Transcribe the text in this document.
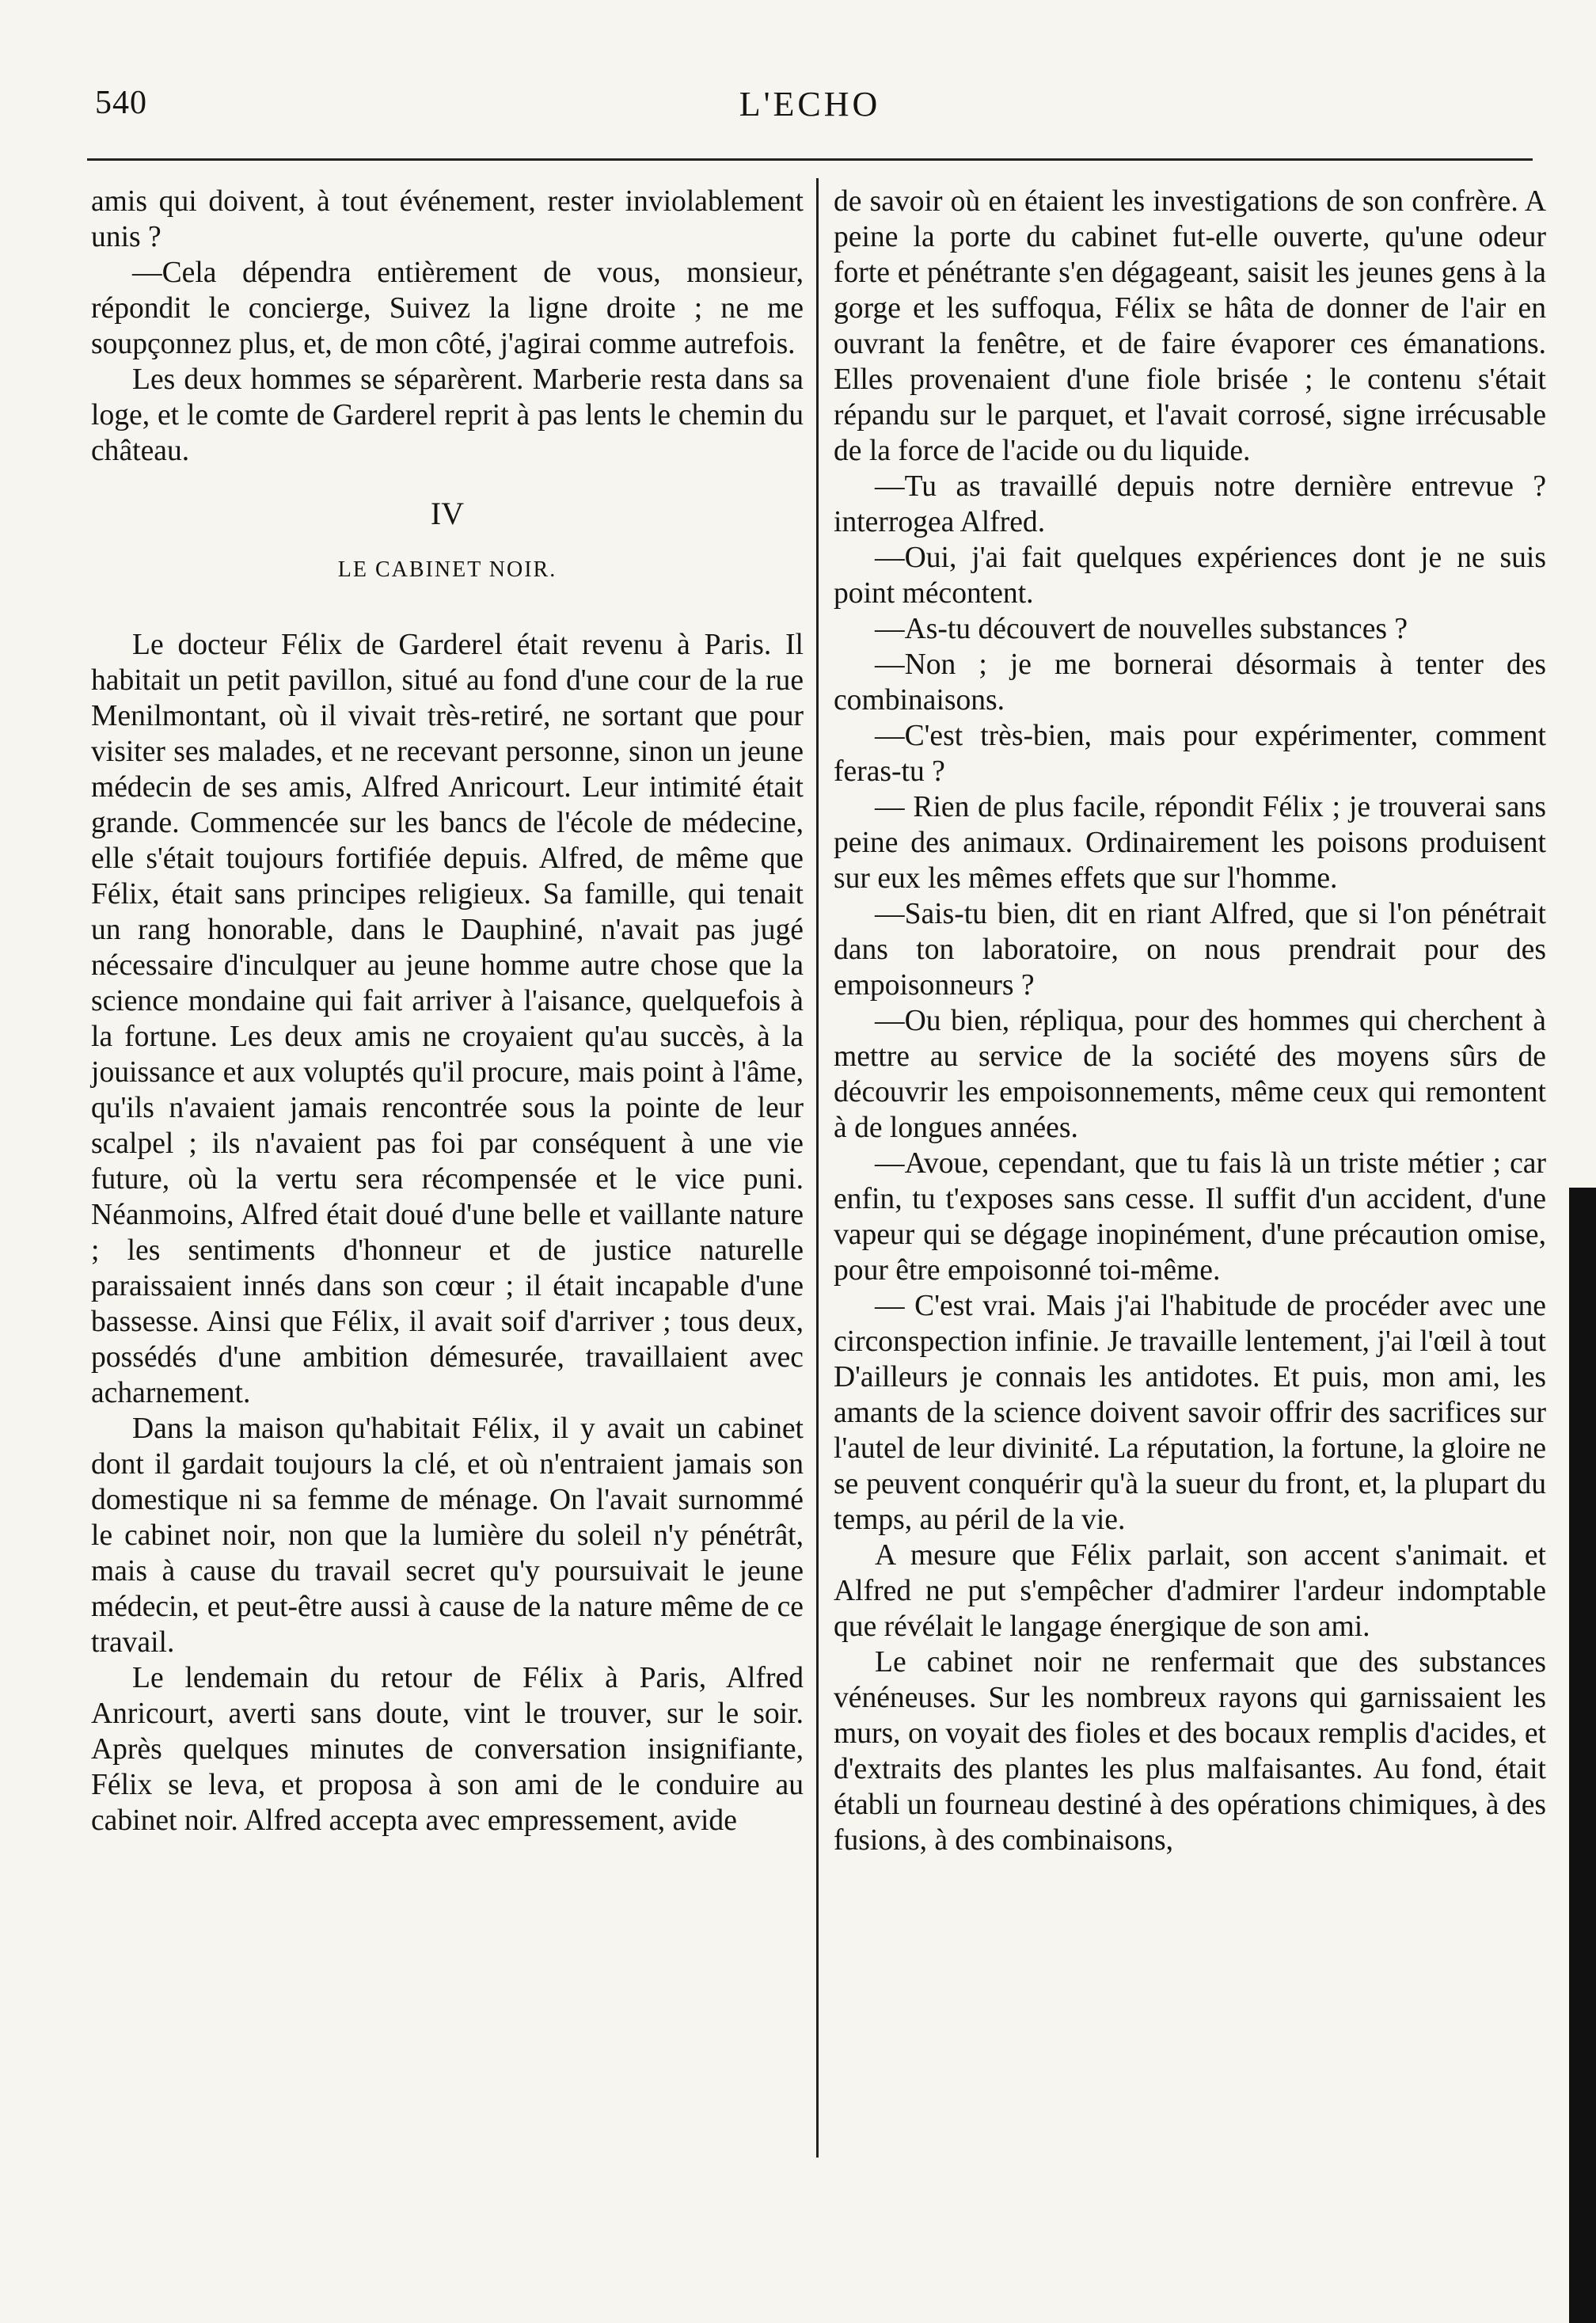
540	L'ECHO

amis qui doivent, à tout événement, rester inviolablement unis ?

—Cela dépendra entièrement de vous, monsieur, répondit le concierge, Suivez la ligne droite ; ne me soupçonnez plus, et, de mon côté, j'agirai comme autrefois.

Les deux hommes se séparèrent. Marberie resta dans sa loge, et le comte de Garderel reprit à pas lents le chemin du château.

IV
LE CABINET NOIR.

Le docteur Félix de Garderel était revenu à Paris. Il habitait un petit pavillon, situé au fond d'une cour de la rue Menilmontant, où il vivait très-retiré, ne sortant que pour visiter ses malades, et ne recevant personne, sinon un jeune médecin de ses amis, Alfred Anricourt. Leur intimité était grande. Commencée sur les bancs de l'école de médecine, elle s'était toujours fortifiée depuis. Alfred, de même que Félix, était sans principes religieux. Sa famille, qui tenait un rang honorable, dans le Dauphiné, n'avait pas jugé nécessaire d'inculquer au jeune homme autre chose que la science mondaine qui fait arriver à l'aisance, quelquefois à la fortune. Les deux amis ne croyaient qu'au succès, à la jouissance et aux voluptés qu'il procure, mais point à l'âme, qu'ils n'avaient jamais rencontrée sous la pointe de leur scalpel ; ils n'avaient pas foi par conséquent à une vie future, où la vertu sera récompensée et le vice puni. Néanmoins, Alfred était doué d'une belle et vaillante nature ; les sentiments d'honneur et de justice naturelle paraissaient innés dans son cœur ; il était incapable d'une bassesse. Ainsi que Félix, il avait soif d'arriver ; tous deux, possédés d'une ambition démesurée, travaillaient avec acharnement.

Dans la maison qu'habitait Félix, il y avait un cabinet dont il gardait toujours la clé, et où n'entraient jamais son domestique ni sa femme de ménage. On l'avait surnommé le cabinet noir, non que la lumière du soleil n'y pénétrât, mais à cause du travail secret qu'y poursuivait le jeune médecin, et peut-être aussi à cause de la nature même de ce travail.

Le lendemain du retour de Félix à Paris, Alfred Anricourt, averti sans doute, vint le trouver, sur le soir. Après quelques minutes de conversation insignifiante, Félix se leva, et proposa à son ami de le conduire au cabinet noir. Alfred accepta avec empressement, avide

de savoir où en étaient les investigations de son confrère. A peine la porte du cabinet fut-elle ouverte, qu'une odeur forte et pénétrante s'en dégageant, saisit les jeunes gens à la gorge et les suffoqua, Félix se hâta de donner de l'air en ouvrant la fenêtre, et de faire évaporer ces émanations. Elles provenaient d'une fiole brisée ; le contenu s'était répandu sur le parquet, et l'avait corrosé, signe irrécusable de la force de l'acide ou du liquide.

—Tu as travaillé depuis notre dernière entrevue ? interrogea Alfred.

—Oui, j'ai fait quelques expériences dont je ne suis point mécontent.

—As-tu découvert de nouvelles substances ?

—Non ; je me bornerai désormais à tenter des combinaisons.

—C'est très-bien, mais pour expérimenter, comment feras-tu ?

— Rien de plus facile, répondit Félix ; je trouverai sans peine des animaux. Ordinairement les poisons produisent sur eux les mêmes effets que sur l'homme.

—Sais-tu bien, dit en riant Alfred, que si l'on pénétrait dans ton laboratoire, on nous prendrait pour des empoisonneurs ?

—Ou bien, répliqua, pour des hommes qui cherchent à mettre au service de la société des moyens sûrs de découvrir les empoisonnements, même ceux qui remontent à de longues années.

—Avoue, cependant, que tu fais là un triste métier ; car enfin, tu t'exposes sans cesse. Il suffit d'un accident, d'une vapeur qui se dégage inopinément, d'une précaution omise, pour être empoisonné toi-même.

— C'est vrai. Mais j'ai l'habitude de procéder avec une circonspection infinie. Je travaille lentement, j'ai l'œil à tout D'ailleurs je connais les antidotes. Et puis, mon ami, les amants de la science doivent savoir offrir des sacrifices sur l'autel de leur divinité. La réputation, la fortune, la gloire ne se peuvent conquérir qu'à la sueur du front, et, la plupart du temps, au péril de la vie.

A mesure que Félix parlait, son accent s'animait. et Alfred ne put s'empêcher d'admirer l'ardeur indomptable que révélait le langage énergique de son ami.

Le cabinet noir ne renfermait que des substances vénéneuses. Sur les nombreux rayons qui garnissaient les murs, on voyait des fioles et des bocaux remplis d'acides, et d'extraits des plantes les plus malfaisantes. Au fond, était établi un fourneau destiné à des opérations chimiques, à des fusions, à des combinaisons,
